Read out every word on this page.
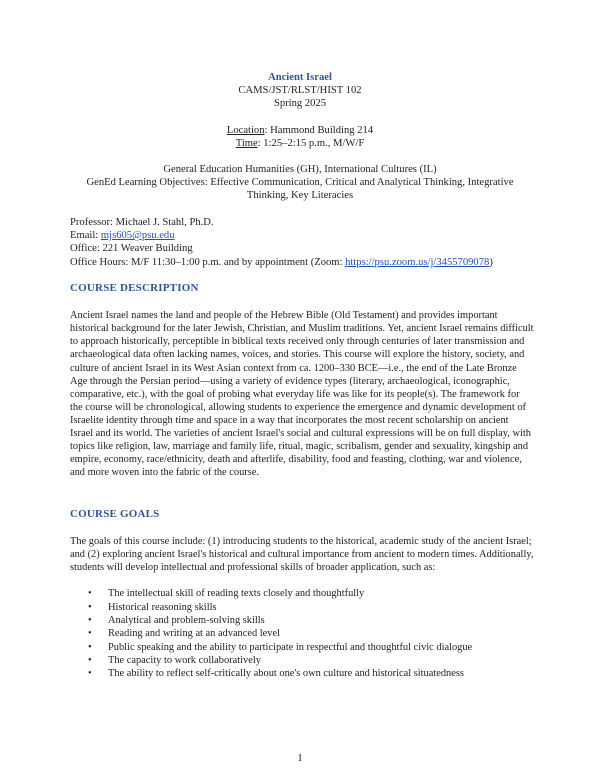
Ancient Israel
CAMS/JST/RLST/HIST 102
Spring 2025
Location: Hammond Building 214
Time: 1:25–2:15 p.m., M/W/F
General Education Humanities (GH), International Cultures (IL)
GenEd Learning Objectives: Effective Communication, Critical and Analytical Thinking, Integrative
Thinking, Key Literacies
Professor: Michael J. Stahl, Ph.D.
Email: mjs605@psu.edu
Office: 221 Weaver Building
Office Hours: M/F 11:30–1:00 p.m. and by appointment (Zoom: https://psu.zoom.us/j/3455709078)
COURSE DESCRIPTION
Ancient Israel names the land and people of the Hebrew Bible (Old Testament) and provides important historical background for the later Jewish, Christian, and Muslim traditions. Yet, ancient Israel remains difficult to approach historically, perceptible in biblical texts received only through centuries of later transmission and archaeological data often lacking names, voices, and stories. This course will explore the history, society, and culture of ancient Israel in its West Asian context from ca. 1200–330 BCE—i.e., the end of the Late Bronze Age through the Persian period—using a variety of evidence types (literary, archaeological, iconographic, comparative, etc.), with the goal of probing what everyday life was like for its people(s). The framework for the course will be chronological, allowing students to experience the emergence and dynamic development of Israelite identity through time and space in a way that incorporates the most recent scholarship on ancient Israel and its world. The varieties of ancient Israel's social and cultural expressions will be on full display, with topics like religion, law, marriage and family life, ritual, magic, scribalism, gender and sexuality, kingship and empire, economy, race/ethnicity, death and afterlife, disability, food and feasting, clothing, war and violence, and more woven into the fabric of the course.
COURSE GOALS
The goals of this course include: (1) introducing students to the historical, academic study of the ancient Israel; and (2) exploring ancient Israel's historical and cultural importance from ancient to modern times. Additionally, students will develop intellectual and professional skills of broader application, such as:
•	The intellectual skill of reading texts closely and thoughtfully
•	Historical reasoning skills
•	Analytical and problem-solving skills
•	Reading and writing at an advanced level
•	Public speaking and the ability to participate in respectful and thoughtful civic dialogue
•	The capacity to work collaboratively
•	The ability to reflect self-critically about one's own culture and historical situatedness
1
